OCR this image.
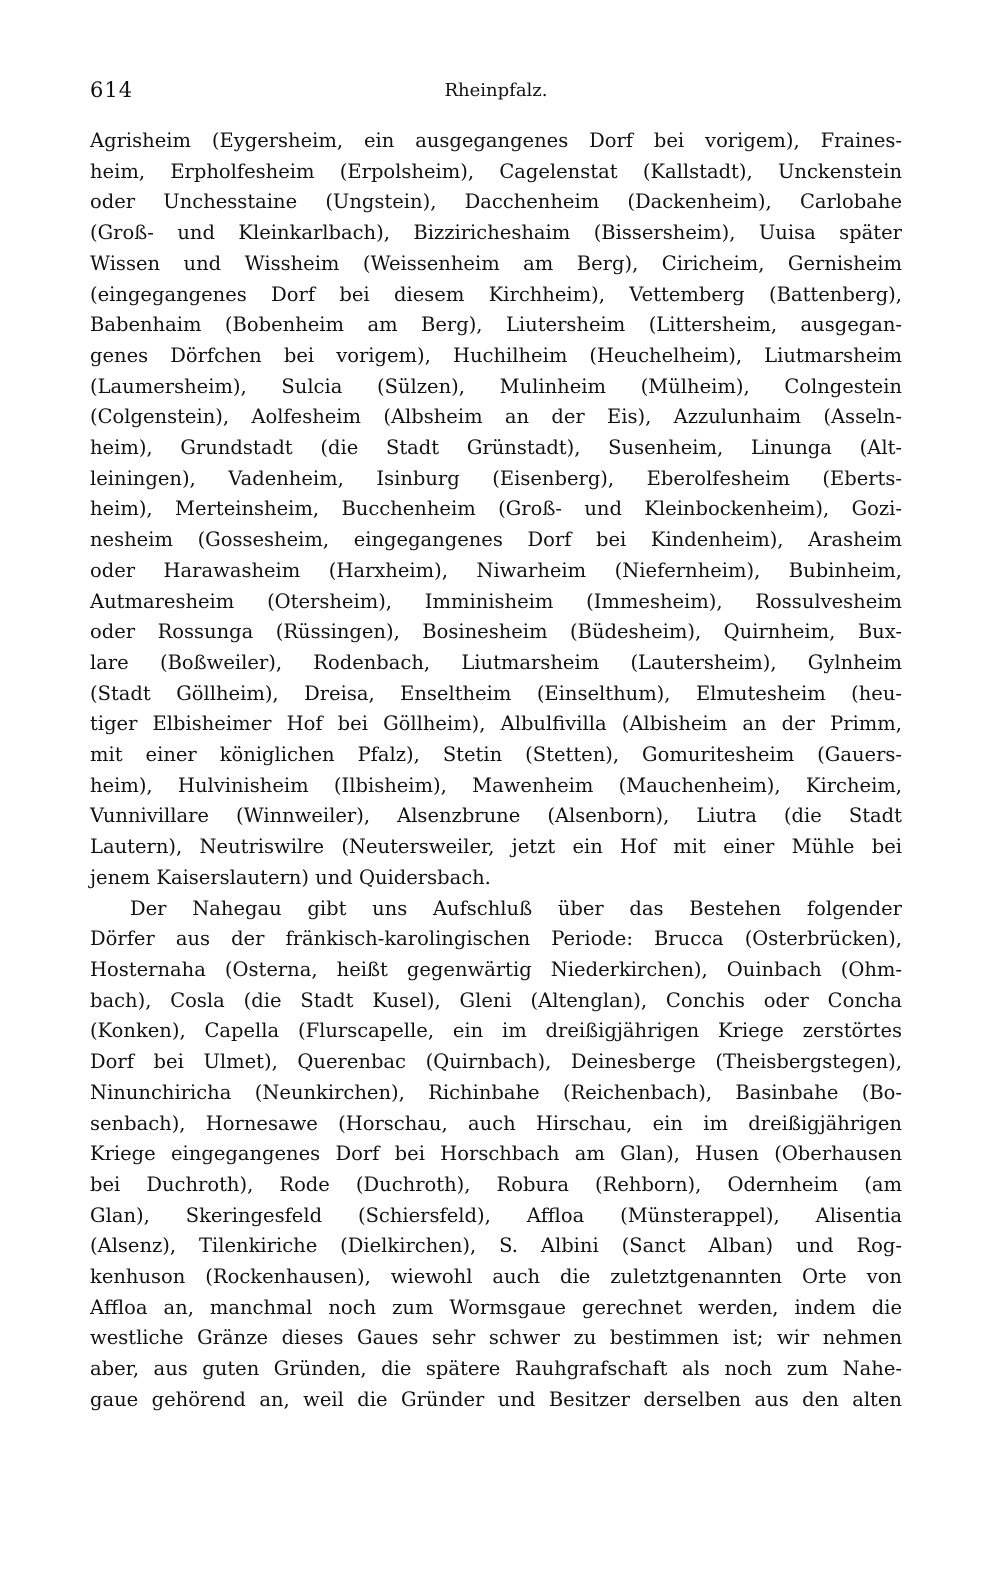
614	Rheinpfalz.
Agrisheim (Eygersheim, ein ausgegangenes Dorf bei vorigem), Fraines-
heim, Erpholfesheim (Erpolsheim), Cagelenstat (Kallstadt), Unckenstein
oder Unchesstaine (Ungstein), Dacchenheim (Dackenheim), Carlobahe
(Groß- und Kleinkarlbach), Bizziricheshaim (Bissersheim), Uuisa später
Wissen und Wissheim (Weissenheim am Berg), Ciricheim, Gernisheim
(eingegangenes Dorf bei diesem Kirchheim), Vettemberg (Battenberg),
Babenhaim (Bobenheim am Berg), Liutersheim (Littersheim, ausgegan-
genes Dörfchen bei vorigem), Huchilheim (Heuchelheim), Liutmarsheim
(Laumersheim), Sulcia (Sülzen), Mulinheim (Mülheim), Colngestein
(Colgenstein), Aolfesheim (Albsheim an der Eis), Azzulunhaim (Asseln-
heim), Grundstadt (die Stadt Grünstadt), Susenheim, Linunga (Alt-
leiningen), Vadenheim, Isinburg (Eisenberg), Eberolfesheim (Eberts-
heim), Merteinsheim, Bucchenheim (Groß- und Kleinbockenheim), Gozi-
nesheim (Gossesheim, eingegangenes Dorf bei Kindenheim), Arasheim
oder Harawasheim (Harxheim), Niwarheim (Niefernheim), Bubinheim,
Autmaresheim (Otersheim), Imminisheim (Immesheim), Rossulvesheim
oder Rossunga (Rüssingen), Bosinesheim (Büdesheim), Quirnheim, Bux-
lare (Boßweiler), Rodenbach, Liutmarsheim (Lautersheim), Gylnheim
(Stadt Göllheim), Dreisa, Enseltheim (Einselthum), Elmutesheim (heu-
tiger Elbisheimer Hof bei Göllheim), Albulfivilla (Albisheim an der Primm,
mit einer königlichen Pfalz), Stetin (Stetten), Gomuritesheim (Gauers-
heim), Hulvinisheim (Ilbisheim), Mawenheim (Mauchenheim), Kircheim,
Vunnivillare (Winnweiler), Alsenzbrune (Alsenborn), Liutra (die Stadt
Lautern), Neutriswilre (Neutersweiler, jetzt ein Hof mit einer Mühle bei
jenem Kaiserslautern) und Quidersbach.
Der Nahegau gibt uns Aufschluß über das Bestehen folgender
Dörfer aus der fränkisch-karolingischen Periode: Brucca (Osterbrücken),
Hosternaha (Osterna, heißt gegenwärtig Niederkirchen), Ouinbach (Ohm-
bach), Cosla (die Stadt Kusel), Gleni (Altenglan), Conchis oder Concha
(Konken), Capella (Flurscapelle, ein im dreißigjährigen Kriege zerstörtes
Dorf bei Ulmet), Querenbac (Quirnbach), Deinesberge (Theisbergstegen),
Ninunchiricha (Neunkirchen), Richinbahe (Reichenbach), Basinbahe (Bo-
senbach), Hornesawe (Horschau, auch Hirschau, ein im dreißigjährigen
Kriege eingegangenes Dorf bei Horschbach am Glan), Husen (Oberhausen
bei Duchroth), Rode (Duchroth), Robura (Rehborn), Odernheim (am
Glan), Skeringesfeld (Schiersfeld), Affloa (Münsterappel), Alisentia
(Alsenz), Tilenkiriche (Dielkirchen), S. Albini (Sanct Alban) und Rog-
kenhuson (Rockenhausen), wiewohl auch die zuletztgenannten Orte von
Affloa an, manchmal noch zum Wormsgaue gerechnet werden, indem die
westliche Gränze dieses Gaues sehr schwer zu bestimmen ist; wir nehmen
aber, aus guten Gründen, die spätere Rauhgrafschaft als noch zum Nahe-
gaue gehörend an, weil die Gründer und Besitzer derselben aus den alten
